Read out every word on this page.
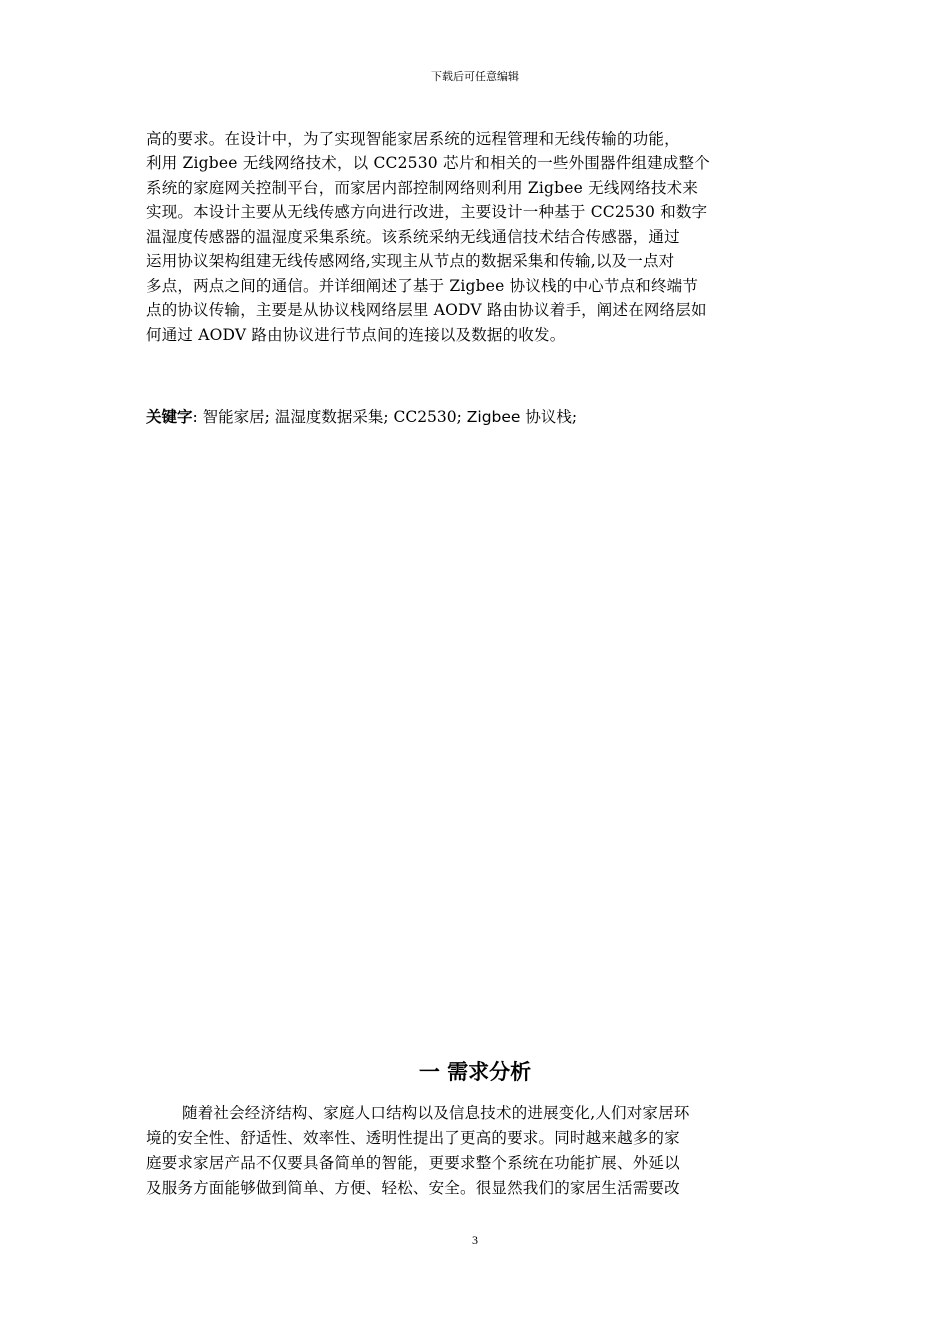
下载后可任意编辑
高的要求。在设计中，为了实现智能家居系统的远程管理和无线传输的功能，
利用 Zigbee 无线网络技术，以 CC2530 芯片和相关的一些外围器件组建成整个
系统的家庭网关控制平台，而家居内部控制网络则利用 Zigbee 无线网络技术来
实现。本设计主要从无线传感方向进行改进，主要设计一种基于 CC2530 和数字
温湿度传感器的温湿度采集系统。该系统采纳无线通信技术结合传感器，通过
运用协议架构组建无线传感网络,实现主从节点的数据采集和传输,以及一点对
多点，两点之间的通信。并详细阐述了基于 Zigbee 协议栈的中心节点和终端节
点的协议传输，主要是从协议栈网络层里 AODV 路由协议着手，阐述在网络层如
何通过 AODV 路由协议进行节点间的连接以及数据的收发。
关键字: 智能家居; 温湿度数据采集; CC2530; Zigbee 协议栈;
一 需求分析
随着社会经济结构、家庭人口结构以及信息技术的进展变化,人们对家居环
境的安全性、舒适性、效率性、透明性提出了更高的要求。同时越来越多的家
庭要求家居产品不仅要具备简单的智能，更要求整个系统在功能扩展、外延以
及服务方面能够做到简单、方便、轻松、安全。很显然我们的家居生活需要改
3
